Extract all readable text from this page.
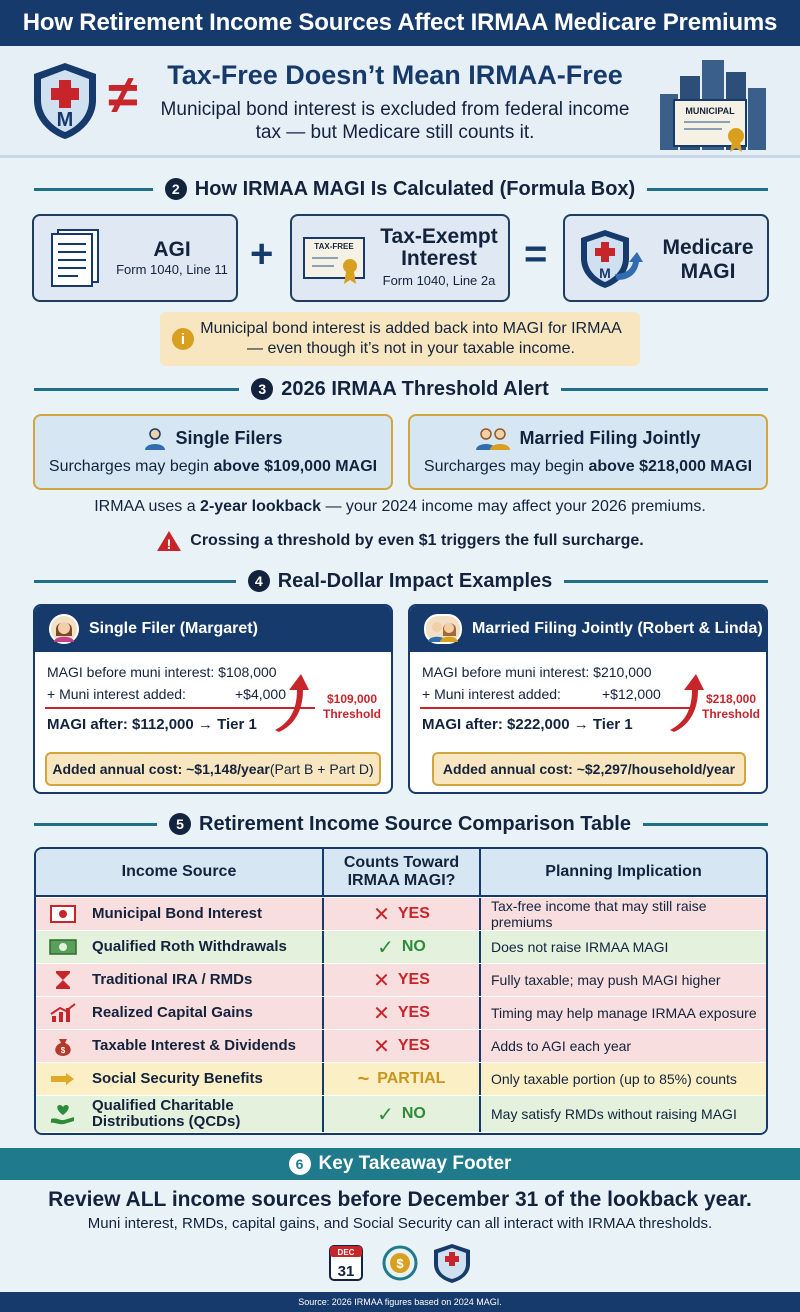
How Retirement Income Sources Affect IRMAA Medicare Premiums
M ≠ Tax-Free Doesn’t Mean IRMAA-Free
Municipal bond interest is excluded from federal income tax — but Medicare still counts it.
MUNICIPAL
2 How IRMAA MAGI Is Calculated (Formula Box)
AGI
Form 1040, Line 11 +	TAX-FREE	Tax-Exempt Interest
Form 1040, Line 2a
=	M
Medicare MAGI
i
Municipal bond interest is added back into MAGI for IRMAA — even though it’s not in your taxable income.
3 2026 IRMAA Threshold Alert
Single Filers
Surcharges may begin above $109,000 MAGI
Married Filing Jointly
Surcharges may begin above $218,000 MAGI
IRMAA uses a 2-year lookback — your 2024 income may affect your 2026 premiums.
! Crossing a threshold by even $1 triggers the full surcharge.
4 Real-Dollar Impact Examples
Single Filer (Margaret)
MAGI before muni interest: $108,000
+ Muni interest added:	+$4,000
MAGI after: $112,000 → Tier 1
$109,000
Threshold
Added annual cost: ~$1,148/year (Part B + Part D)
Married Filing Jointly (Robert & Linda)
MAGI before muni interest: $210,000
+ Muni interest added:	+$12,000
MAGI after: $222,000 → Tier 1
$218,000
Threshold
Added annual cost: ~$2,297/household/year
5 Retirement Income Source Comparison Table
Income Source
Counts Toward IRMAA MAGI?
Planning Implication
Municipal Bond Interest	✕ YES	Tax-free income that may still raise premiums
Qualified Roth Withdrawals	✓ NO	Does not raise IRMAA MAGI
Traditional IRA / RMDs	✕ YES	Fully taxable; may push MAGI higher
Realized Capital Gains	✕ YES	Timing may help manage IRMAA exposure
$ Taxable Interest & Dividends	✕ YES	Adds to AGI each year
Social Security Benefits	~ PARTIAL	Only taxable portion (up to 85%) counts
Qualified Charitable Distributions (QCDs)	✓ NO	May satisfy RMDs without raising MAGI
6 Key Takeaway Footer
Review ALL income sources before December 31 of the lookback year.
Muni interest, RMDs, capital gains, and Social Security can all interact with IRMAA thresholds.
DEC
31	$
Source: 2026 IRMAA figures based on 2024 MAGI.
